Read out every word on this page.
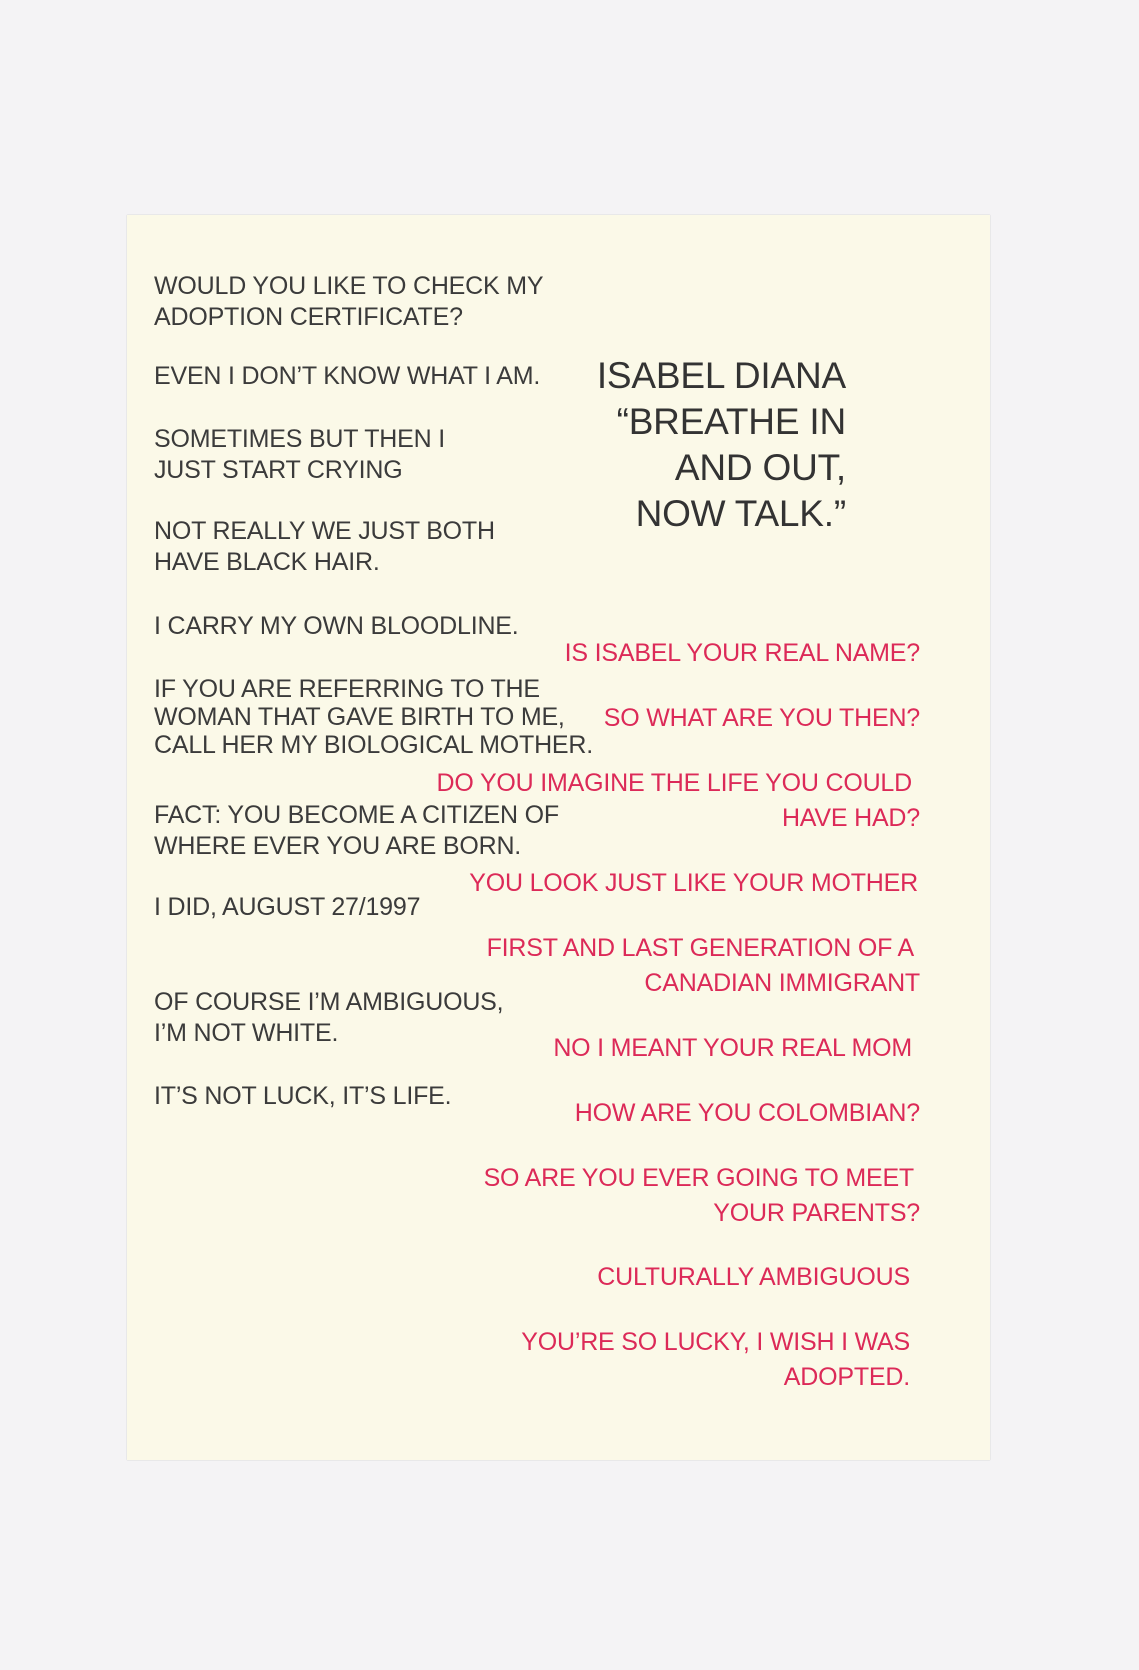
ISABEL DIANA
“BREATHE IN
AND OUT,
NOW TALK.”
WOULD YOU LIKE TO CHECK MY
ADOPTION CERTIFICATE?
EVEN I DON’T KNOW WHAT I AM.
SOMETIMES BUT THEN I
JUST START CRYING
NOT REALLY WE JUST BOTH
HAVE BLACK HAIR.
I CARRY MY OWN BLOODLINE.
IF YOU ARE REFERRING TO THE
WOMAN THAT GAVE BIRTH TO ME,
CALL HER MY BIOLOGICAL MOTHER.
FACT: YOU BECOME A CITIZEN OF
WHERE EVER YOU ARE BORN.
I DID, AUGUST 27/1997
OF COURSE I’M AMBIGUOUS,
I’M NOT WHITE.
IT’S NOT LUCK, IT’S LIFE.
IS ISABEL YOUR REAL NAME?
SO WHAT ARE YOU THEN?
DO YOU IMAGINE THE LIFE YOU COULD
HAVE HAD?
YOU LOOK JUST LIKE YOUR MOTHER
FIRST AND LAST GENERATION OF A
CANADIAN IMMIGRANT
NO I MEANT YOUR REAL MOM
HOW ARE YOU COLOMBIAN?
SO ARE YOU EVER GOING TO MEET
YOUR PARENTS?
CULTURALLY AMBIGUOUS
YOU’RE SO LUCKY, I WISH I WAS
ADOPTED.
